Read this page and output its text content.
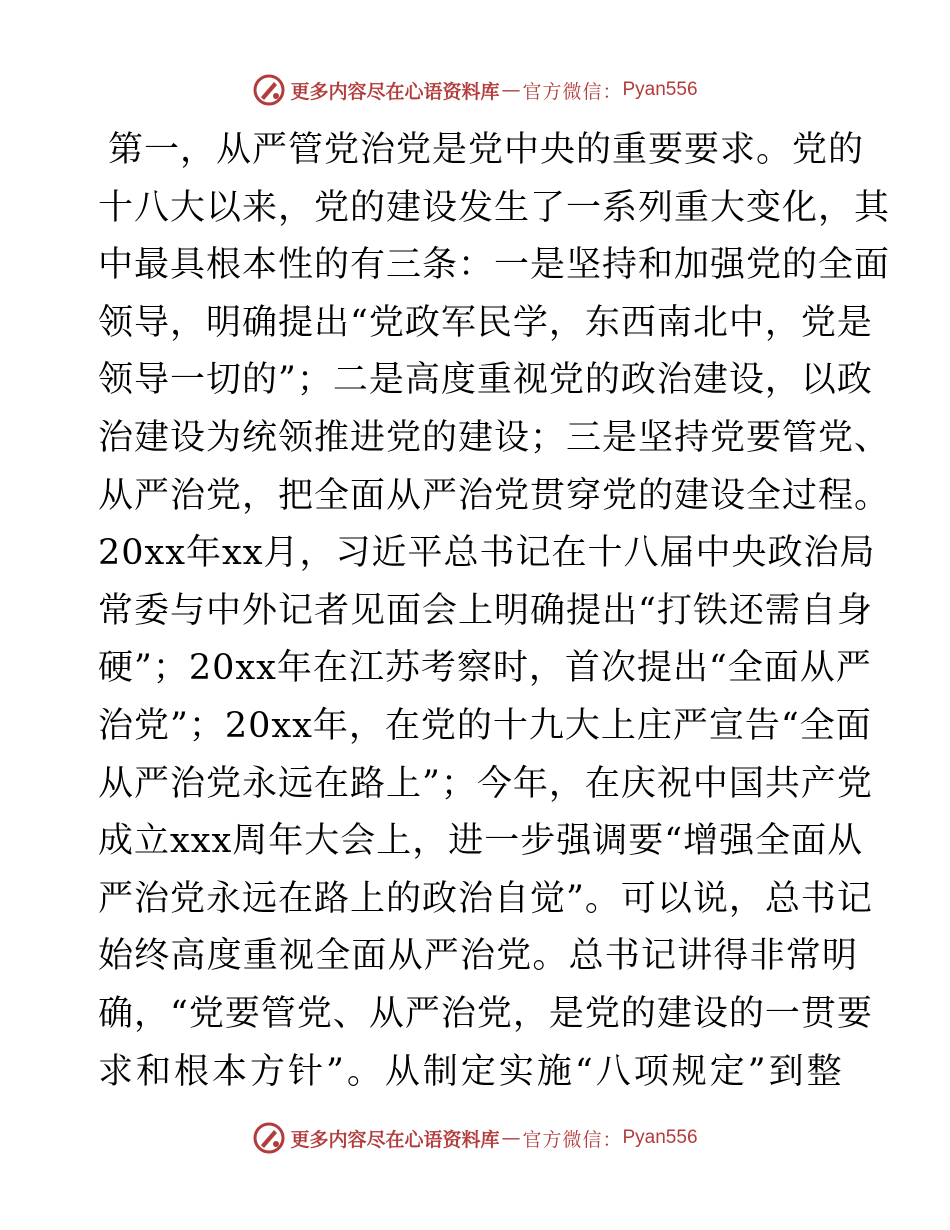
更多内容尽在心语资料库 — 官方微信： Pyan556
第一，从严管党治党是党中央的重要要求。党的
十八大以来，党的建设发生了一系列重大变化，其
中最具根本性的有三条：一是坚持和加强党的全面
领导，明确提出“党政军民学，东西南北中，党是
领导一切的”；二是高度重视党的政治建设，以政
治建设为统领推进党的建设；三是坚持党要管党、
从严治党，把全面从严治党贯穿党的建设全过程。
20xx年xx月，习近平总书记在十八届中央政治局
常委与中外记者见面会上明确提出“打铁还需自身
硬”；20xx年在江苏考察时，首次提出“全面从严
治党”；20xx年，在党的十九大上庄严宣告“全面
从严治党永远在路上”；今年，在庆祝中国共产党
成立xxx周年大会上，进一步强调要“增强全面从
严治党永远在路上的政治自觉”。可以说，总书记
始终高度重视全面从严治党。总书记讲得非常明
确，“党要管党、从严治党，是党的建设的一贯要
求和根本方针”。从制定实施“八项规定”到整
更多内容尽在心语资料库 — 官方微信： Pyan556
